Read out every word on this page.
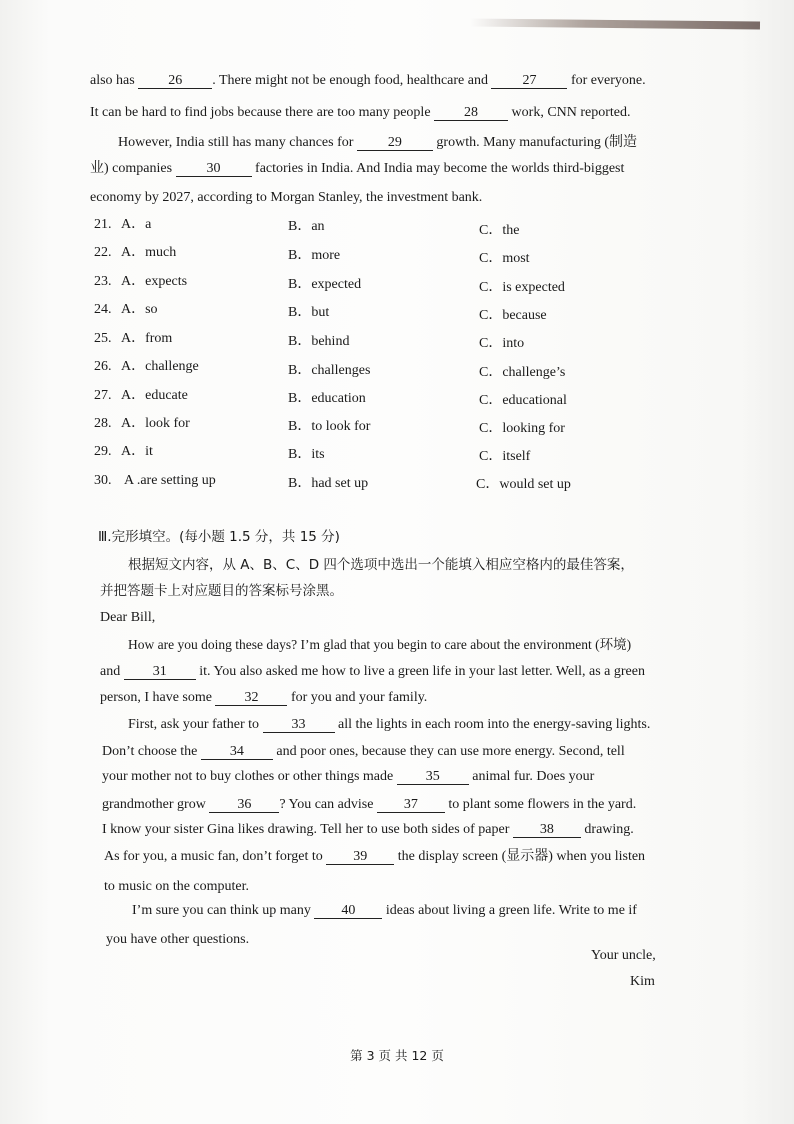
also has 26 . There might not be enough food, healthcare and 27 for everyone.
It can be hard to find jobs because there are too many people 28 work, CNN reported.
However, India still has many chances for 29 growth. Many manufacturing (制造
业) companies 30 factories in India. And India may become the worlds third-biggest
economy by 2027, according to Morgan Stanley, the investment bank.
21. A．a	B．an	C．the
22. A．much	B．more	C．most
23. A．expects	B．expected	C．is expected
24. A．so	B．but	C．because
25. A．from	B．behind	C．into
26. A．challenge	B．challenges	C．challenge’s
27. A．educate	B．education	C．educational
28. A．look for	B．to look for	C．looking for
29. A．it	B．its	C．itself
30. A .are setting up	B．had set up	C．would set up
Ⅲ.完形填空。(每小题 1.5 分，共 15 分)
根据短文内容，从 A、B、C、D 四个选项中选出一个能填入相应空格内的最佳答案，
并把答题卡上对应题目的答案标号涂黑。
Dear Bill,
How are you doing these days? I’m glad that you begin to care about the environment (环境)
and 31 it. You also asked me how to live a green life in your last letter. Well, as a green
person, I have some 32 for you and your family.
First, ask your father to 33 all the lights in each room into the energy-saving lights.
Don’t choose the 34 and poor ones, because they can use more energy. Second, tell
your mother not to buy clothes or other things made 35 animal fur. Does your
grandmother grow 36 ? You can advise 37 to plant some flowers in the yard.
I know your sister Gina likes drawing. Tell her to use both sides of paper 38 drawing.
As for you, a music fan, don’t forget to 39 the display screen (显示器) when you listen
to music on the computer.
I’m sure you can think up many 40 ideas about living a green life. Write to me if
you have other questions.
Your uncle,
Kim
第 3 页 共 12 页
